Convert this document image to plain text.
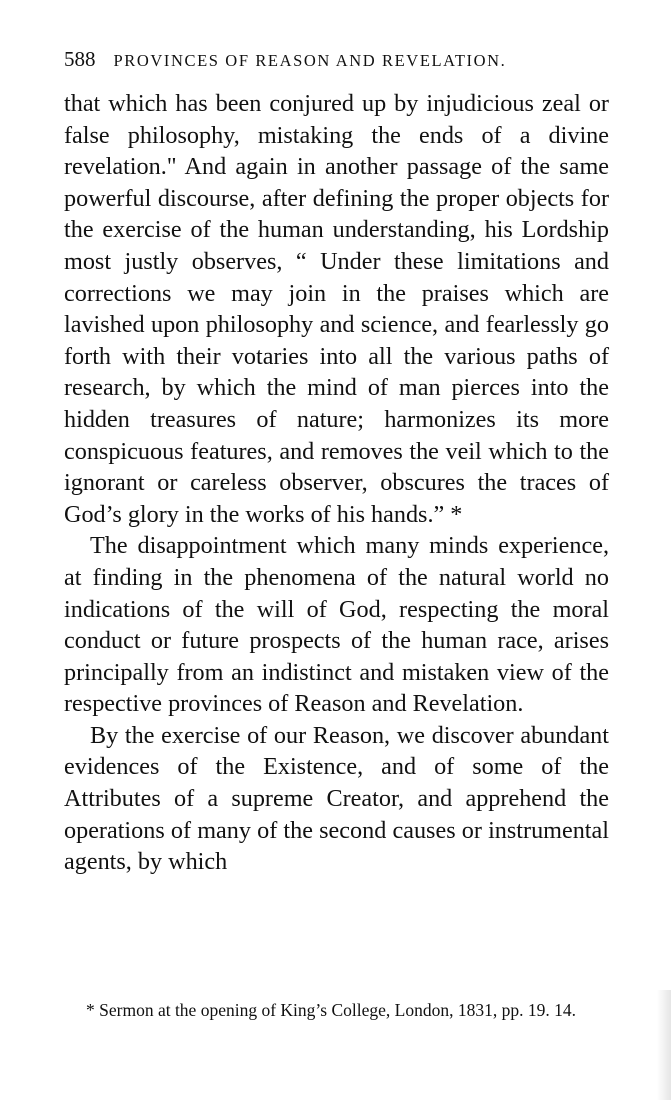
588 PROVINCES OF REASON AND REVELATION.

that which has been conjured up by injudicious zeal or false philosophy, mistaking the ends of a divine revelation." And again in another passage of the same powerful discourse, after defining the proper objects for the exercise of the human understanding, his Lordship most justly observes, “ Under these limitations and corrections we may join in the praises which are lavished upon philosophy and science, and fearlessly go forth with their votaries into all the various paths of research, by which the mind of man pierces into the hidden treasures of nature; harmonizes its more conspicuous features, and removes the veil which to the ignorant or careless observer, obscures the traces of God’s glory in the works of his hands.” *

The disappointment which many minds experience, at finding in the phenomena of the natural world no indications of the will of God, respecting the moral conduct or future prospects of the human race, arises principally from an indistinct and mistaken view of the respective provinces of Reason and Revelation.

By the exercise of our Reason, we discover abundant evidences of the Existence, and of some of the Attributes of a supreme Creator, and apprehend the operations of many of the second causes or instrumental agents, by which

* Sermon at the opening of King’s College, London, 1831, pp. 19. 14.
